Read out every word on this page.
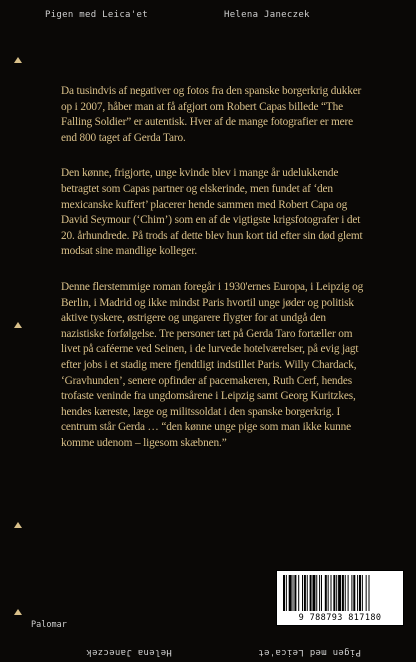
Pigen med Leica'et	Helena Janeczek

Da tusindvis af negativer og fotos fra den spanske borgerkrig dukker op i 2007, håber man at få afgjort om Robert Capas billede “The Falling Soldier” er autentisk. Hver af de mange fotografier er mere end 800 taget af Gerda Taro.

Den kønne, frigjorte, unge kvinde blev i mange år udelukkende betragtet som Capas partner og elskerinde, men fundet af ‘den mexicanske kuffert’ placerer hende sammen med Robert Capa og David Seymour (‘Chim’) som en af de vigtigste krigsfotografer i det 20. århundrede. På trods af dette blev hun kort tid efter sin død glemt modsat sine mandlige kolleger.

Denne flerstemmige roman foregår i 1930'ernes Europa, i Leipzig og Berlin, i Madrid og ikke mindst Paris hvortil unge jøder og politisk aktive tyskere, østrigere og ungarere flygter for at undgå den nazistiske forfølgelse. Tre personer tæt på Gerda Taro fortæller om livet på caféerne ved Seinen, i de lurvede hotelværelser, på evig jagt efter jobs i et stadig mere fjendtligt indstillet Paris. Willy Chardack, ‘Gravhunden’, senere opfinder af pacemakeren, Ruth Cerf, hendes trofaste veninde fra ungdomsårene i Leipzig samt Georg Kuritzkes, hendes kæreste, læge og militssoldat i den spanske borgerkrig. I centrum står Gerda … “den kønne unge pige som man ikke kunne komme udenom – ligesom skæbnen.”

9 788793 817180
Palomar
Helena Janeczek	Pigen med Leica'et
